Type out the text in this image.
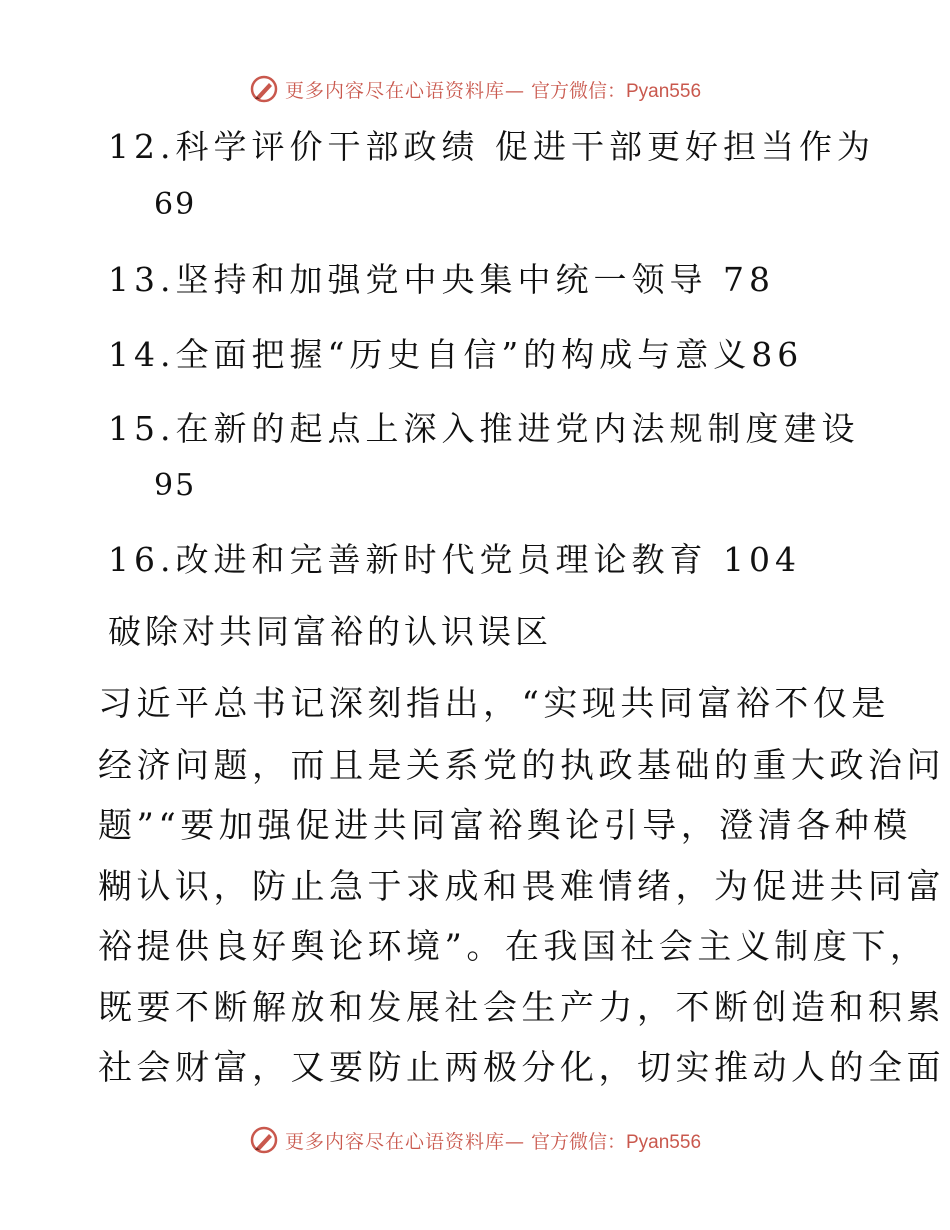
更多内容尽在心语资料库— 官方微信：Pyan556
12.科学评价干部政绩 促进干部更好担当作为
69
13.坚持和加强党中央集中统一领导 78
14.全面把握“历史自信”的构成与意义86
15.在新的起点上深入推进党内法规制度建设
95
16.改进和完善新时代党员理论教育 104
破除对共同富裕的认识误区
习近平总书记深刻指出，“实现共同富裕不仅是
经济问题，而且是关系党的执政基础的重大政治问
题”“要加强促进共同富裕舆论引导，澄清各种模
糊认识，防止急于求成和畏难情绪，为促进共同富
裕提供良好舆论环境”。在我国社会主义制度下，
既要不断解放和发展社会生产力，不断创造和积累
社会财富，又要防止两极分化，切实推动人的全面
更多内容尽在心语资料库— 官方微信：Pyan556
